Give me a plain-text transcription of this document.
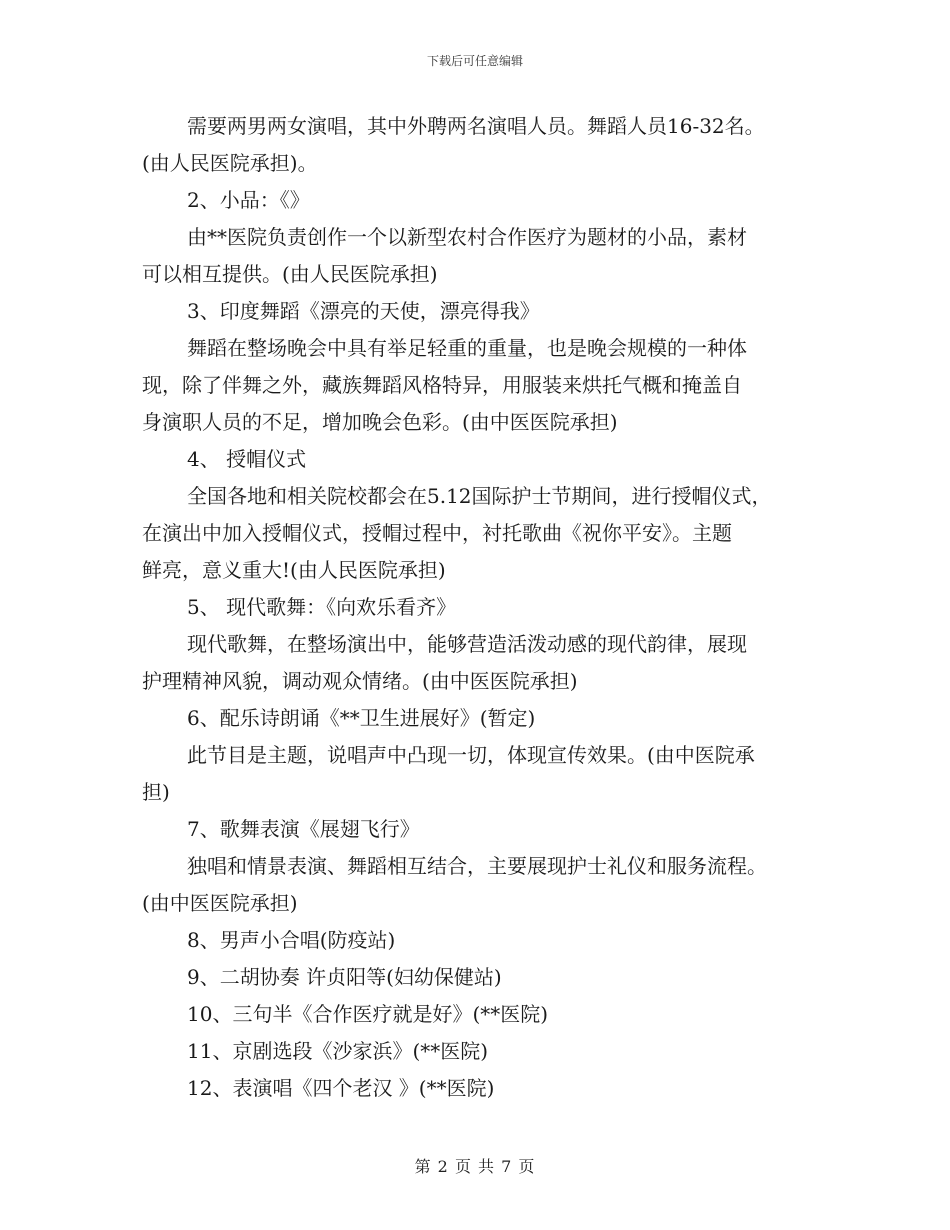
下载后可任意编辑
需要两男两女演唱，其中外聘两名演唱人员。舞蹈人员16-32名。
(由人民医院承担)。
2、小品：《》
由**医院负责创作一个以新型农村合作医疗为题材的小品，素材
可以相互提供。(由人民医院承担)
3、印度舞蹈《漂亮的天使，漂亮得我》
舞蹈在整场晚会中具有举足轻重的重量，也是晚会规模的一种体
现，除了伴舞之外，藏族舞蹈风格特异，用服装来烘托气概和掩盖自
身演职人员的不足，增加晚会色彩。(由中医医院承担)
4、 授帽仪式
全国各地和相关院校都会在5.12国际护士节期间，进行授帽仪式，
在演出中加入授帽仪式，授帽过程中，衬托歌曲《祝你平安》。主题
鲜亮，意义重大!(由人民医院承担)
5、 现代歌舞：《向欢乐看齐》
现代歌舞，在整场演出中，能够营造活泼动感的现代韵律，展现
护理精神风貌，调动观众情绪。(由中医医院承担)
6、配乐诗朗诵《**卫生进展好》(暂定)
此节目是主题，说唱声中凸现一切，体现宣传效果。(由中医院承
担)
7、歌舞表演《展翅飞行》
独唱和情景表演、舞蹈相互结合，主要展现护士礼仪和服务流程。
(由中医医院承担)
8、男声小合唱(防疫站)
9、二胡协奏 许贞阳等(妇幼保健站)
10、三句半《合作医疗就是好》(**医院)
11、京剧选段《沙家浜》(**医院)
12、表演唱《四个老汉 》(**医院)
第 2 页 共 7 页
